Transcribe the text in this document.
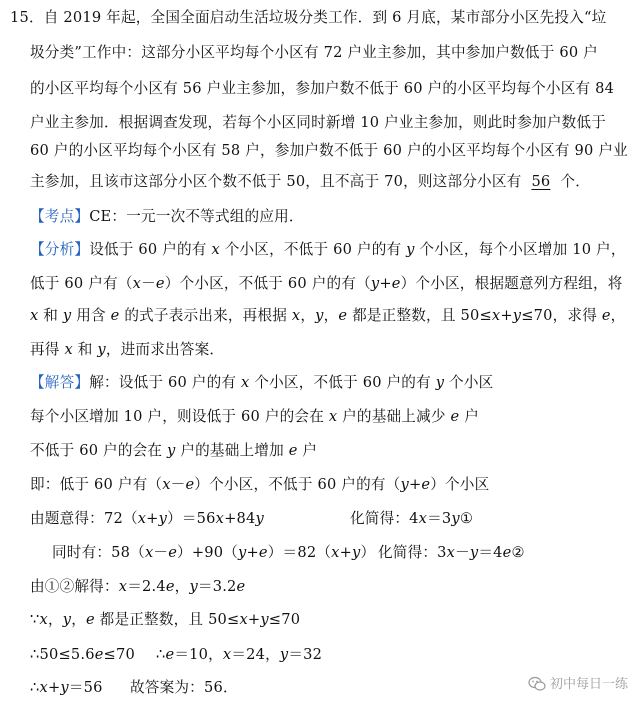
15．自 2019 年起，全国全面启动生活垃圾分类工作．到 6 月底，某市部分小区先投入“垃
圾分类”工作中：这部分小区平均每个小区有 72 户业主参加，其中参加户数低于 60 户
的小区平均每个小区有 56 户业主参加，参加户数不低于 60 户的小区平均每个小区有 84
户业主参加．根据调查发现，若每个小区同时新增 10 户业主参加，则此时参加户数低于
60 户的小区平均每个小区有 58 户，参加户数不低于 60 户的小区平均每个小区有 90 户业
主参加，且该市这部分小区个数不低于 50，且不高于 70，则这部分小区有 56 个．
【考点】CE：一元一次不等式组的应用．
【分析】设低于 60 户的有 x 个小区，不低于 60 户的有 y 个小区，每个小区增加 10 户，
低于 60 户有（x－e）个小区，不低于 60 户的有（y+e）个小区，根据题意列方程组，将
x 和 y 用含 e 的式子表示出来，再根据 x，y，e 都是正整数，且 50≤x+y≤70，求得 e，
再得 x 和 y，进而求出答案．
【解答】解：设低于 60 户的有 x 个小区，不低于 60 户的有 y 个小区
每个小区增加 10 户，则设低于 60 户的会在 x 户的基础上减少 e 户
不低于 60 户的会在 y 户的基础上增加 e 户
即：低于 60 户有（x－e）个小区，不低于 60 户的有（y+e）个小区
由题意得：72（x+y）＝56x+84y	化简得：4x＝3y①
同时有：58（x－e）+90（y+e）＝82（x+y） 化简得：3x－y＝4e②
由①②解得：x＝2.4e，y＝3.2e
∵x，y，e 都是正整数，且 50≤x+y≤70
∴50≤5.6e≤70 ∴e＝10，x＝24，y＝32
∴x+y＝56 故答案为：56．	初中每日一练
